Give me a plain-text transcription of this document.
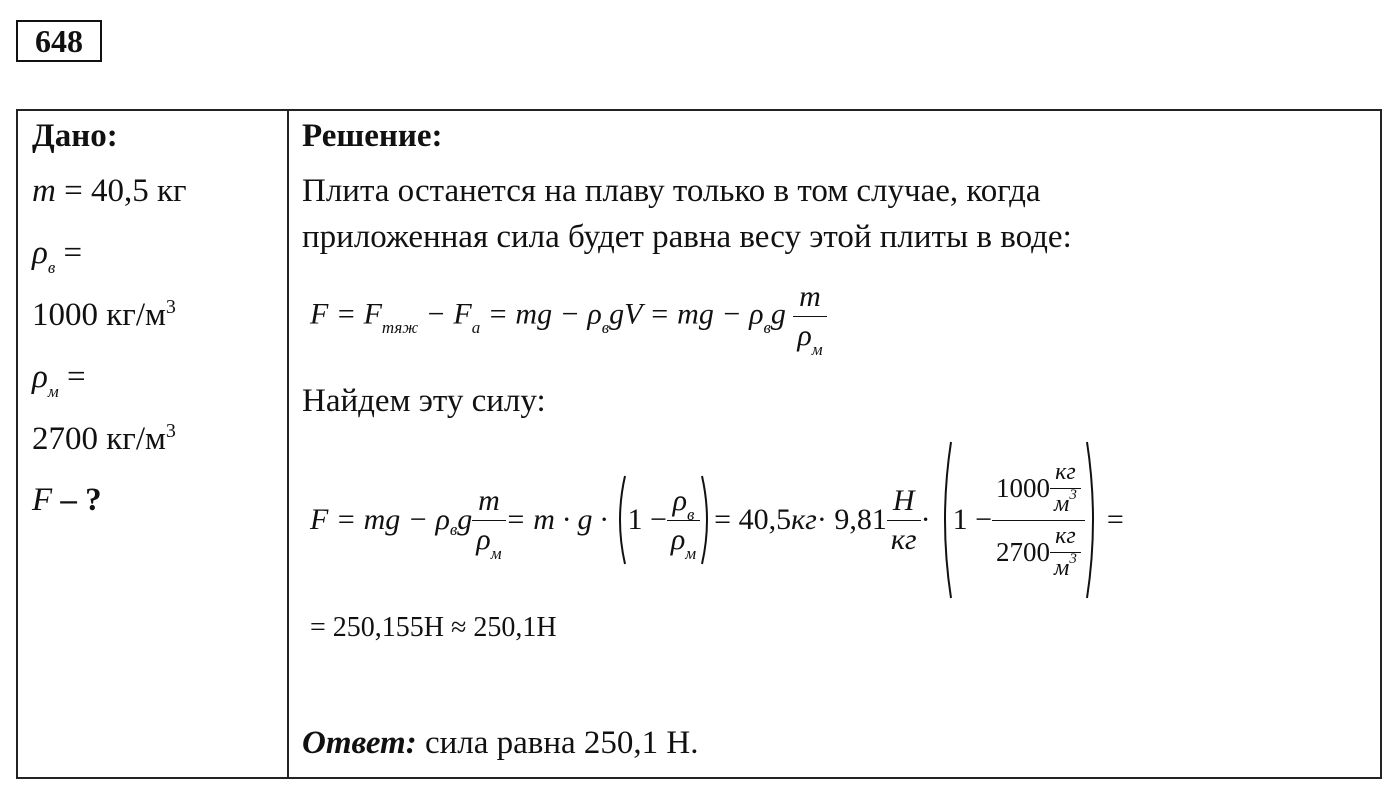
648
Дано:
m = 40,5 кг
$\rho_в$ =
1000 $кг/м^3$
$\rho_м$ =
2700 $кг/м^3$
F – ?
Решение:
Плита останется на плаву только в том случае, когда
приложенная сила будет равна весу этой плиты в воде:
$F = F_{тяж} - F_а$ = mg − $\rho_вgV$ = mg − $\rho_вg \frac{m}{\rho_м}$
Найдем эту силу:
F = mg − ρ в g $\frac{m}{\rho_м} = m \cdot g \cdot 1 - \frac{\rho_в}{\rho_м} = 40,5$ кг · $9,81 \frac{Н}{кг} \cdot 1 - \frac{1000 \frac{кг}{м^3}}{2700 \frac{кг}{м^3}}$ =
= 250,155H ≈ 250,1H
Ответ: сила равна 250,1 Н.
